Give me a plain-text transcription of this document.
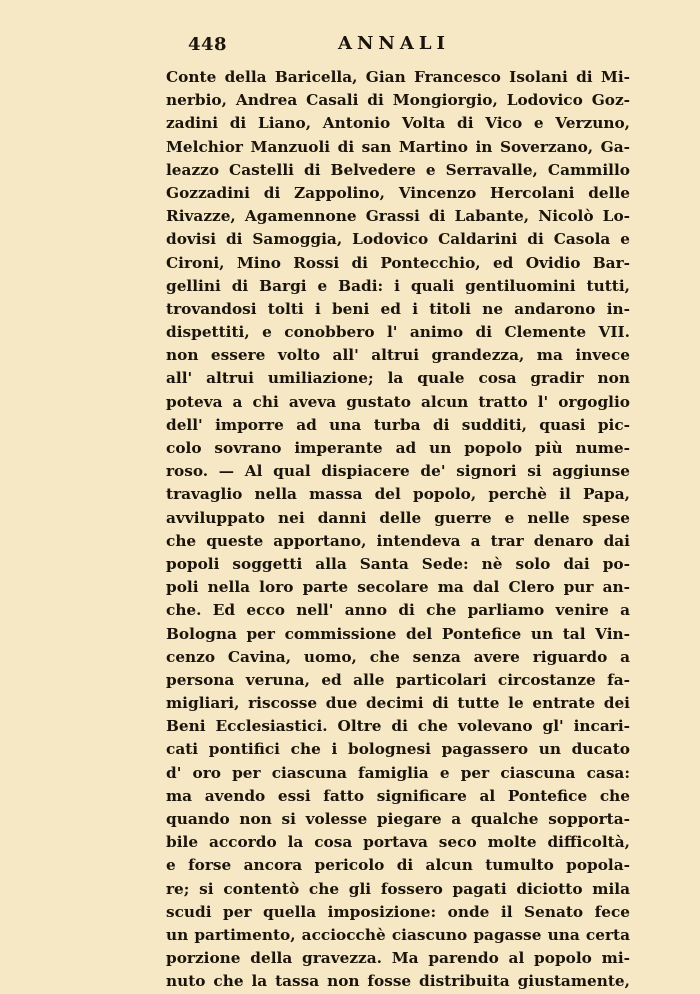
448	ANNALI
Conte della Baricella, Gian Francesco Isolani di Mi-
nerbio, Andrea Casali di Mongiorgio, Lodovico Goz-
zadini di Liano, Antonio Volta di Vico e Verzuno,
Melchior Manzuoli di san Martino in Soverzano, Ga-
leazzo Castelli di Belvedere e Serravalle, Cammillo
Gozzadini di Zappolino, Vincenzo Hercolani delle
Rivazze, Agamennone Grassi di Labante, Nicolò Lo-
dovisi di Samoggia, Lodovico Caldarini di Casola e
Cironi, Mino Rossi di Pontecchio, ed Ovidio Bar-
gellini di Bargi e Badi: i quali gentiluomini tutti,
trovandosi tolti i beni ed i titoli ne andarono in-
dispettiti, e conobbero l' animo di Clemente VII.
non essere volto all' altrui grandezza, ma invece
all' altrui umiliazione; la quale cosa gradir non
poteva a chi aveva gustato alcun tratto l' orgoglio
dell' imporre ad una turba di sudditi, quasi pic-
colo sovrano imperante ad un popolo più nume-
roso. — Al qual dispiacere de' signori si aggiunse
travaglio nella massa del popolo, perchè il Papa,
avviluppato nei danni delle guerre e nelle spese
che queste apportano, intendeva a trar denaro dai
popoli soggetti alla Santa Sede: nè solo dai po-
poli nella loro parte secolare ma dal Clero pur an-
che. Ed ecco nell' anno di che parliamo venire a
Bologna per commissione del Pontefice un tal Vin-
cenzo Cavina, uomo, che senza avere riguardo a
persona veruna, ed alle particolari circostanze fa-
migliari, riscosse due decimi di tutte le entrate dei
Beni Ecclesiastici. Oltre di che volevano gl' incari-
cati pontifici che i bolognesi pagassero un ducato
d' oro per ciascuna famiglia e per ciascuna casa:
ma avendo essi fatto significare al Pontefice che
quando non si volesse piegare a qualche sopporta-
bile accordo la cosa portava seco molte difficoltà,
e forse ancora pericolo di alcun tumulto popola-
re; si contentò che gli fossero pagati diciotto mila
scudi per quella imposizione: onde il Senato fece
un partimento, acciocchè ciascuno pagasse una certa
porzione della gravezza. Ma parendo al popolo mi-
nuto che la tassa non fosse distribuita giustamente,
